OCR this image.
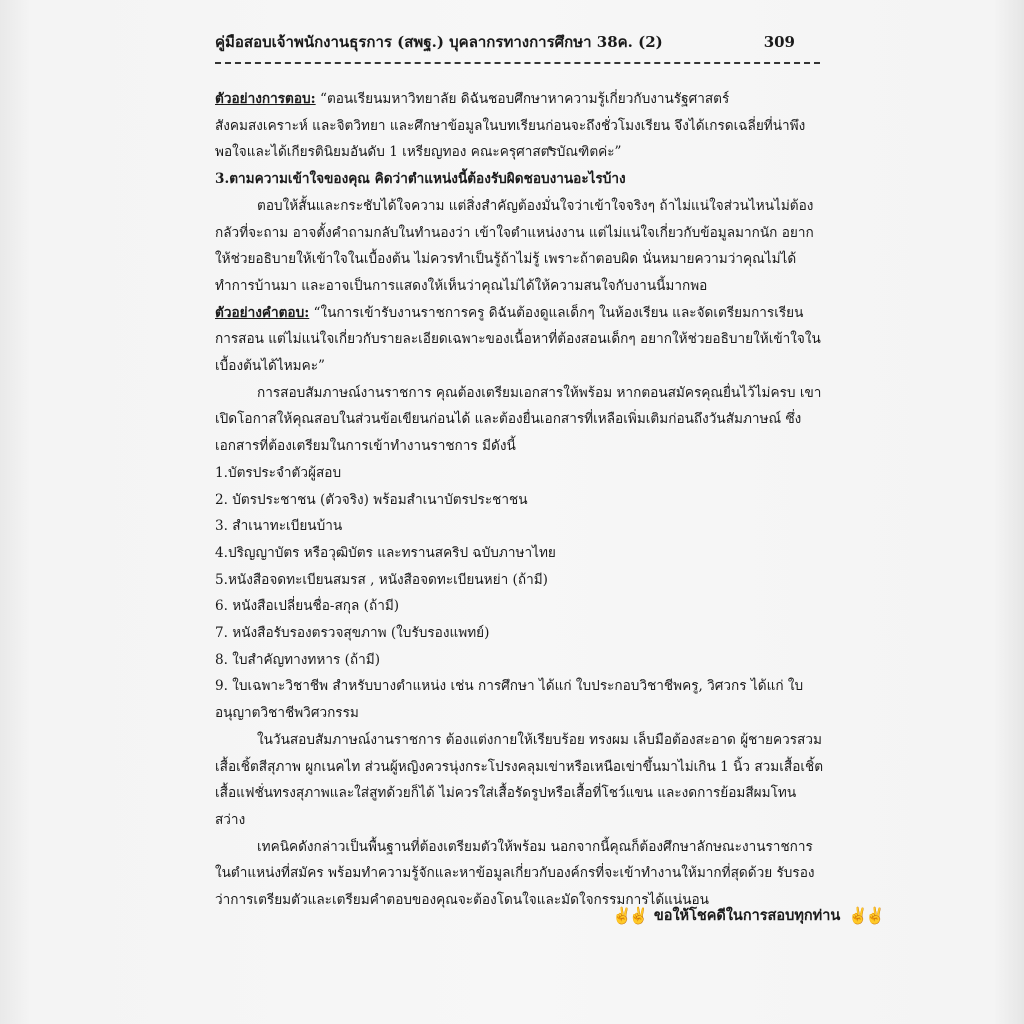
คู่มือสอบเจ้าพนักงานธุรการ (สพฐ.) บุคลากรทางการศึกษา 38ค. (2)	309

ตัวอย่างการตอบ: “ตอนเรียนมหาวิทยาลัย ดิฉันชอบศึกษาหาความรู้เกี่ยวกับงานรัฐศาสตร์ สังคมสงเคราะห์ และจิตวิทยา และศึกษาข้อมูลในบทเรียนก่อนจะถึงชั่วโมงเรียน จึงได้เกรดเฉลี่ยที่น่าพึงพอใจและได้เกียรตินิยมอันดับ 1 เหรียญทอง คณะครุศาสตรบัณฑิตค่ะ”

3.ตามความเข้าใจของคุณ คิดว่าตำแหน่งนี้ต้องรับผิดชอบงานอะไรบ้าง

ตอบให้สั้นและกระชับได้ใจความ แต่สิ่งสำคัญต้องมั่นใจว่าเข้าใจจริงๆ ถ้าไม่แน่ใจส่วนไหนไม่ต้องกลัวที่จะถาม อาจตั้งคำถามกลับในทำนองว่า เข้าใจตำแหน่งงาน แต่ไม่แน่ใจเกี่ยวกับข้อมูลมากนัก อยากให้ช่วยอธิบายให้เข้าใจในเบื้องต้น ไม่ควรทำเป็นรู้ถ้าไม่รู้ เพราะถ้าตอบผิด นั่นหมายความว่าคุณไม่ได้ทำการบ้านมา และอาจเป็นการแสดงให้เห็นว่าคุณไม่ได้ให้ความสนใจกับงานนี้มากพอ

ตัวอย่างคำตอบ: “ในการเข้ารับงานราชการครู ดิฉันต้องดูแลเด็กๆ ในห้องเรียน และจัดเตรียมการเรียนการสอน แต่ไม่แน่ใจเกี่ยวกับรายละเอียดเฉพาะของเนื้อหาที่ต้องสอนเด็กๆ อยากให้ช่วยอธิบายให้เข้าใจในเบื้องต้นได้ไหมคะ”

การสอบสัมภาษณ์งานราชการ คุณต้องเตรียมเอกสารให้พร้อม หากตอนสมัครคุณยื่นไว้ไม่ครบ เขาเปิดโอกาสให้คุณสอบในส่วนข้อเขียนก่อนได้ และต้องยื่นเอกสารที่เหลือเพิ่มเติมก่อนถึงวันสัมภาษณ์ ซึ่งเอกสารที่ต้องเตรียมในการเข้าทำงานราชการ มีดังนี้

1.บัตรประจำตัวผู้สอบ

2. บัตรประชาชน (ตัวจริง) พร้อมสำเนาบัตรประชาชน

3. สำเนาทะเบียนบ้าน

4.ปริญญาบัตร หรือวุฒิบัตร และทรานสคริป ฉบับภาษาไทย

5.หนังสือจดทะเบียนสมรส , หนังสือจดทะเบียนหย่า (ถ้ามี)

6. หนังสือเปลี่ยนชื่อ-สกุล (ถ้ามี)

7. หนังสือรับรองตรวจสุขภาพ (ใบรับรองแพทย์)

8. ใบสำคัญทางทหาร (ถ้ามี)

9. ใบเฉพาะวิชาชีพ สำหรับบางตำแหน่ง เช่น การศึกษา ได้แก่ ใบประกอบวิชาชีพครู, วิศวกร ได้แก่ ใบอนุญาตวิชาชีพวิศวกรรม

ในวันสอบสัมภาษณ์งานราชการ ต้องแต่งกายให้เรียบร้อย ทรงผม เล็บมือต้องสะอาด ผู้ชายควรสวมเสื้อเชิ้ตสีสุภาพ ผูกเนคไท ส่วนผู้หญิงควรนุ่งกระโปรงคลุมเข่าหรือเหนือเข่าขึ้นมาไม่เกิน 1 นิ้ว สวมเสื้อเชิ้ต เสื้อแฟชั่นทรงสุภาพและใส่สูทด้วยก็ได้ ไม่ควรใส่เสื้อรัดรูปหรือเสื้อที่โชว์แขน และงดการย้อมสีผมโทนสว่าง

เทคนิคดังกล่าวเป็นพื้นฐานที่ต้องเตรียมตัวให้พร้อม นอกจากนี้คุณก็ต้องศึกษาลักษณะงานราชการในตำแหน่งที่สมัคร พร้อมทำความรู้จักและหาข้อมูลเกี่ยวกับองค์กรที่จะเข้าทำงานให้มากที่สุดด้วย รับรองว่าการเตรียมตัวและเตรียมคำตอบของคุณจะต้องโดนใจและมัดใจกรรมการได้แน่นอน

✌✌ ขอให้โชคดีในการสอบทุกท่าน ✌✌
